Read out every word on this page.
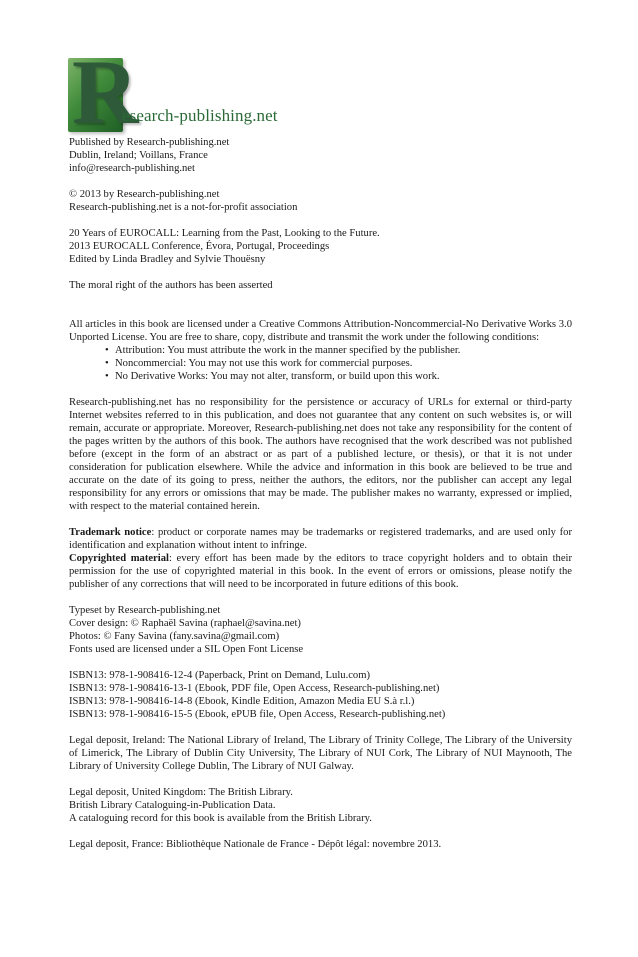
R
esearch-publishing.net
Published by Research-publishing.net
Dublin, Ireland; Voillans, France
info@research-publishing.net
© 2013 by Research-publishing.net
Research-publishing.net is a not-for-profit association
20 Years of EUROCALL: Learning from the Past, Looking to the Future.
2013 EUROCALL Conference, Évora, Portugal, Proceedings
Edited by Linda Bradley and Sylvie Thouësny
The moral right of the authors has been asserted
All articles in this book are licensed under a Creative Commons Attribution-Noncommercial-No Derivative Works 3.0 Unported License. You are free to share, copy, distribute and transmit the work under the following conditions:
• Attribution: You must attribute the work in the manner specified by the publisher.
• Noncommercial: You may not use this work for commercial purposes.
• No Derivative Works: You may not alter, transform, or build upon this work.
Research-publishing.net has no responsibility for the persistence or accuracy of URLs for external or third-party Internet websites referred to in this publication, and does not guarantee that any content on such websites is, or will remain, accurate or appropriate. Moreover, Research-publishing.net does not take any responsibility for the content of the pages written by the authors of this book. The authors have recognised that the work described was not published before (except in the form of an abstract or as part of a published lecture, or thesis), or that it is not under consideration for publication elsewhere. While the advice and information in this book are believed to be true and accurate on the date of its going to press, neither the authors, the editors, nor the publisher can accept any legal responsibility for any errors or omissions that may be made. The publisher makes no warranty, expressed or implied, with respect to the material contained herein.
Trademark notice: product or corporate names may be trademarks or registered trademarks, and are used only for identification and explanation without intent to infringe.
Copyrighted material: every effort has been made by the editors to trace copyright holders and to obtain their permission for the use of copyrighted material in this book. In the event of errors or omissions, please notify the publisher of any corrections that will need to be incorporated in future editions of this book.
Typeset by Research-publishing.net
Cover design: © Raphaël Savina (raphael@savina.net)
Photos: © Fany Savina (fany.savina@gmail.com)
Fonts used are licensed under a SIL Open Font License
ISBN13: 978-1-908416-12-4 (Paperback, Print on Demand, Lulu.com)
ISBN13: 978-1-908416-13-1 (Ebook, PDF file, Open Access, Research-publishing.net)
ISBN13: 978-1-908416-14-8 (Ebook, Kindle Edition, Amazon Media EU S.à r.l.)
ISBN13: 978-1-908416-15-5 (Ebook, ePUB file, Open Access, Research-publishing.net)
Legal deposit, Ireland: The National Library of Ireland, The Library of Trinity College, The Library of the University of Limerick, The Library of Dublin City University, The Library of NUI Cork, The Library of NUI Maynooth, The Library of University College Dublin, The Library of NUI Galway.
Legal deposit, United Kingdom: The British Library.
British Library Cataloguing-in-Publication Data.
A cataloguing record for this book is available from the British Library.
Legal deposit, France: Bibliothèque Nationale de France - Dépôt légal: novembre 2013.
